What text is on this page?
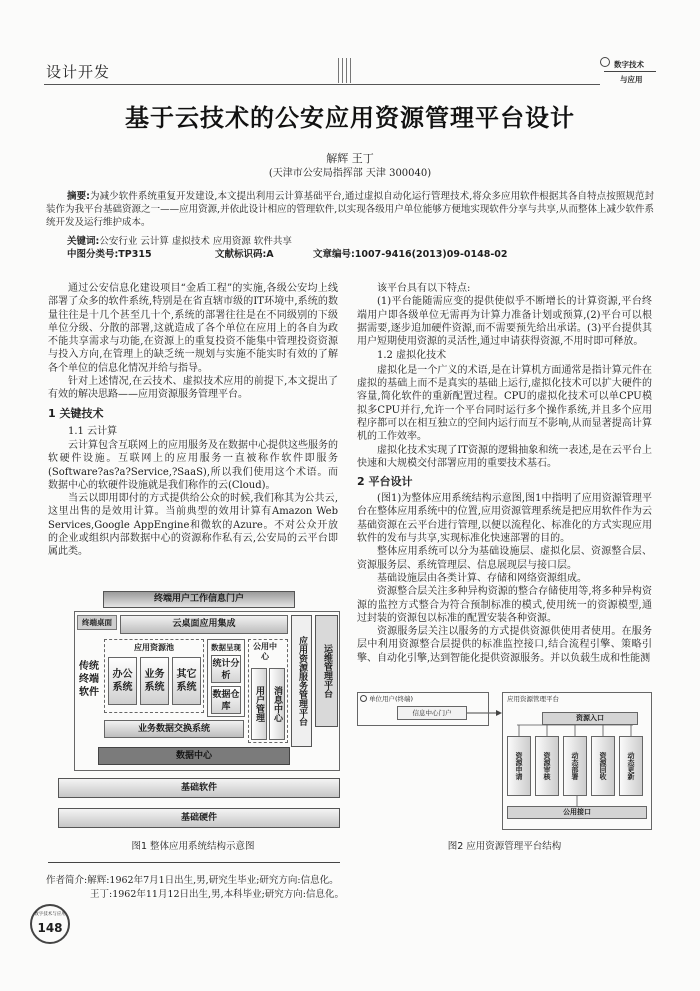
设计开发	数字技术
与应用
基于云技术的公安应用资源管理平台设计
解辉 王丁
(天津市公安局指挥部 天津 300040)
摘要:为减少软件系统重复开发建设,本文提出利用云计算基础平台,通过虚拟自动化运行管理技术,将众多应用软件根据其各自特点按照规范封装作为我平台基础资源之一——应用资源,并依此设计相应的管理软件,以实现各级用户单位能够方便地实现软件分享与共享,从而整体上减少软件系统开发及运行维护成本。
关键词:公安行业 云计算 虚拟技术 应用资源 软件共享
中图分类号:TP315	文献标识码:A	文章编号:1007-9416(2013)09-0148-02

通过公安信息化建设项目“金盾工程”的实施,各级公安均上线部署了众多的软件系统,特别是在省直辖市级的IT环境中,系统的数量往往是十几个甚至几十个,系统的部署往往是在不同级别的下级单位分级、分散的部署,这就造成了各个单位在应用上的各自为政不能共享需求与功能,在资源上的重复投资不能集中管理投资资源与投入方向,在管理上的缺乏统一规划与实施不能实时有效的了解各个单位的信息化情况并给与指导。

针对上述情况,在云技术、虚拟技术应用的前提下,本文提出了有效的解决思路——应用资源服务管理平台。

1 关键技术
1.1 云计算

云计算包含互联网上的应用服务及在数据中心提供这些服务的软硬件设施。互联网上的应用服务一直被称作软件即服务(Software?as?a?Service,?SaaS),所以我们使用这个术语。而数据中心的软硬件设施就是我们称作的云(Cloud)。

当云以即用即付的方式提供给公众的时候,我们称其为公共云,这里出售的是效用计算。当前典型的效用计算有Amazon Web Services,Google AppEngine和微软的Azure。不对公众开放的企业或组织内部数据中心的资源称作私有云,公安局的云平台即属此类。

终端用户工作信息门户
终端桌面	云桌面应用集成
应用资源服务管理平台	运维管理平台
传统终端软件
应用资源池
办公系统
业务系统
其它系统
数据呈现
统计分析
数据仓库
公用中心
用户管理 消息中心
业务数据交换系统
数据中心
基础软件
基础硬件
图1 整体应用系统结构示意图

该平台具有以下特点:

(1)平台能随需应变的提供使似乎不断增长的计算资源,平台终端用户即各级单位无需再为计算力准备计划或预算,(2)平台可以根据需要,逐步追加硬件资源,而不需要预先给出承诺。(3)平台提供其用户短期使用资源的灵活性,通过申请获得资源,不用时即可释放。

1.2 虚拟化技术

虚拟化是一个广义的术语,是在计算机方面通常是指计算元件在虚拟的基础上而不是真实的基础上运行,虚拟化技术可以扩大硬件的容量,简化软件的重新配置过程。CPU的虚拟化技术可以单CPU模拟多CPU并行,允许一个平台同时运行多个操作系统,并且多个应用程序都可以在相互独立的空间内运行而互不影响,从而显著提高计算机的工作效率。

虚拟化技术实现了IT资源的逻辑抽象和统一表述,是在云平台上快速和大规模交付部署应用的重要技术基石。

2 平台设计

(图1)为整体应用系统结构示意图,图1中指明了应用资源管理平台在整体应用系统中的位置,应用资源管理系统是把应用软件作为云基础资源在云平台进行管理,以便以流程化、标准化的方式实现应用软件的发布与共享,实现标准化快速部署的目的。

整体应用系统可以分为基础设施层、虚拟化层、资源整合层、资源服务层、系统管理层、信息展现层与接口层。

基础设施层由各类计算、存储和网络资源组成。

资源整合层关注多种异构资源的整合存储使用等,将多种异构资源的监控方式整合为符合预制标准的模式,使用统一的资源模型,通过封装的资源包以标准的配置安装各种资源。

资源服务层关注以服务的方式提供资源供使用者使用。在服务层中利用资源整合层提供的标准监控接口,结合流程引擎、策略引擎、自动化引擎,达到智能化提供资源服务。并以负载生成和性能测

单位用户(终端)
信息中心门户
应用资源管理平台
资源入口
资源申请	资源审核	动态部署	资源回收	动态更新
公用接口
图2 应用资源管理平台结构
作者简介:解辉:1962年7月1日出生,男,研究生毕业;研究方向:信息化。
王丁:1962年11月12日出生,男,本科毕业;研究方向:信息化。
数字技术与应用
148
